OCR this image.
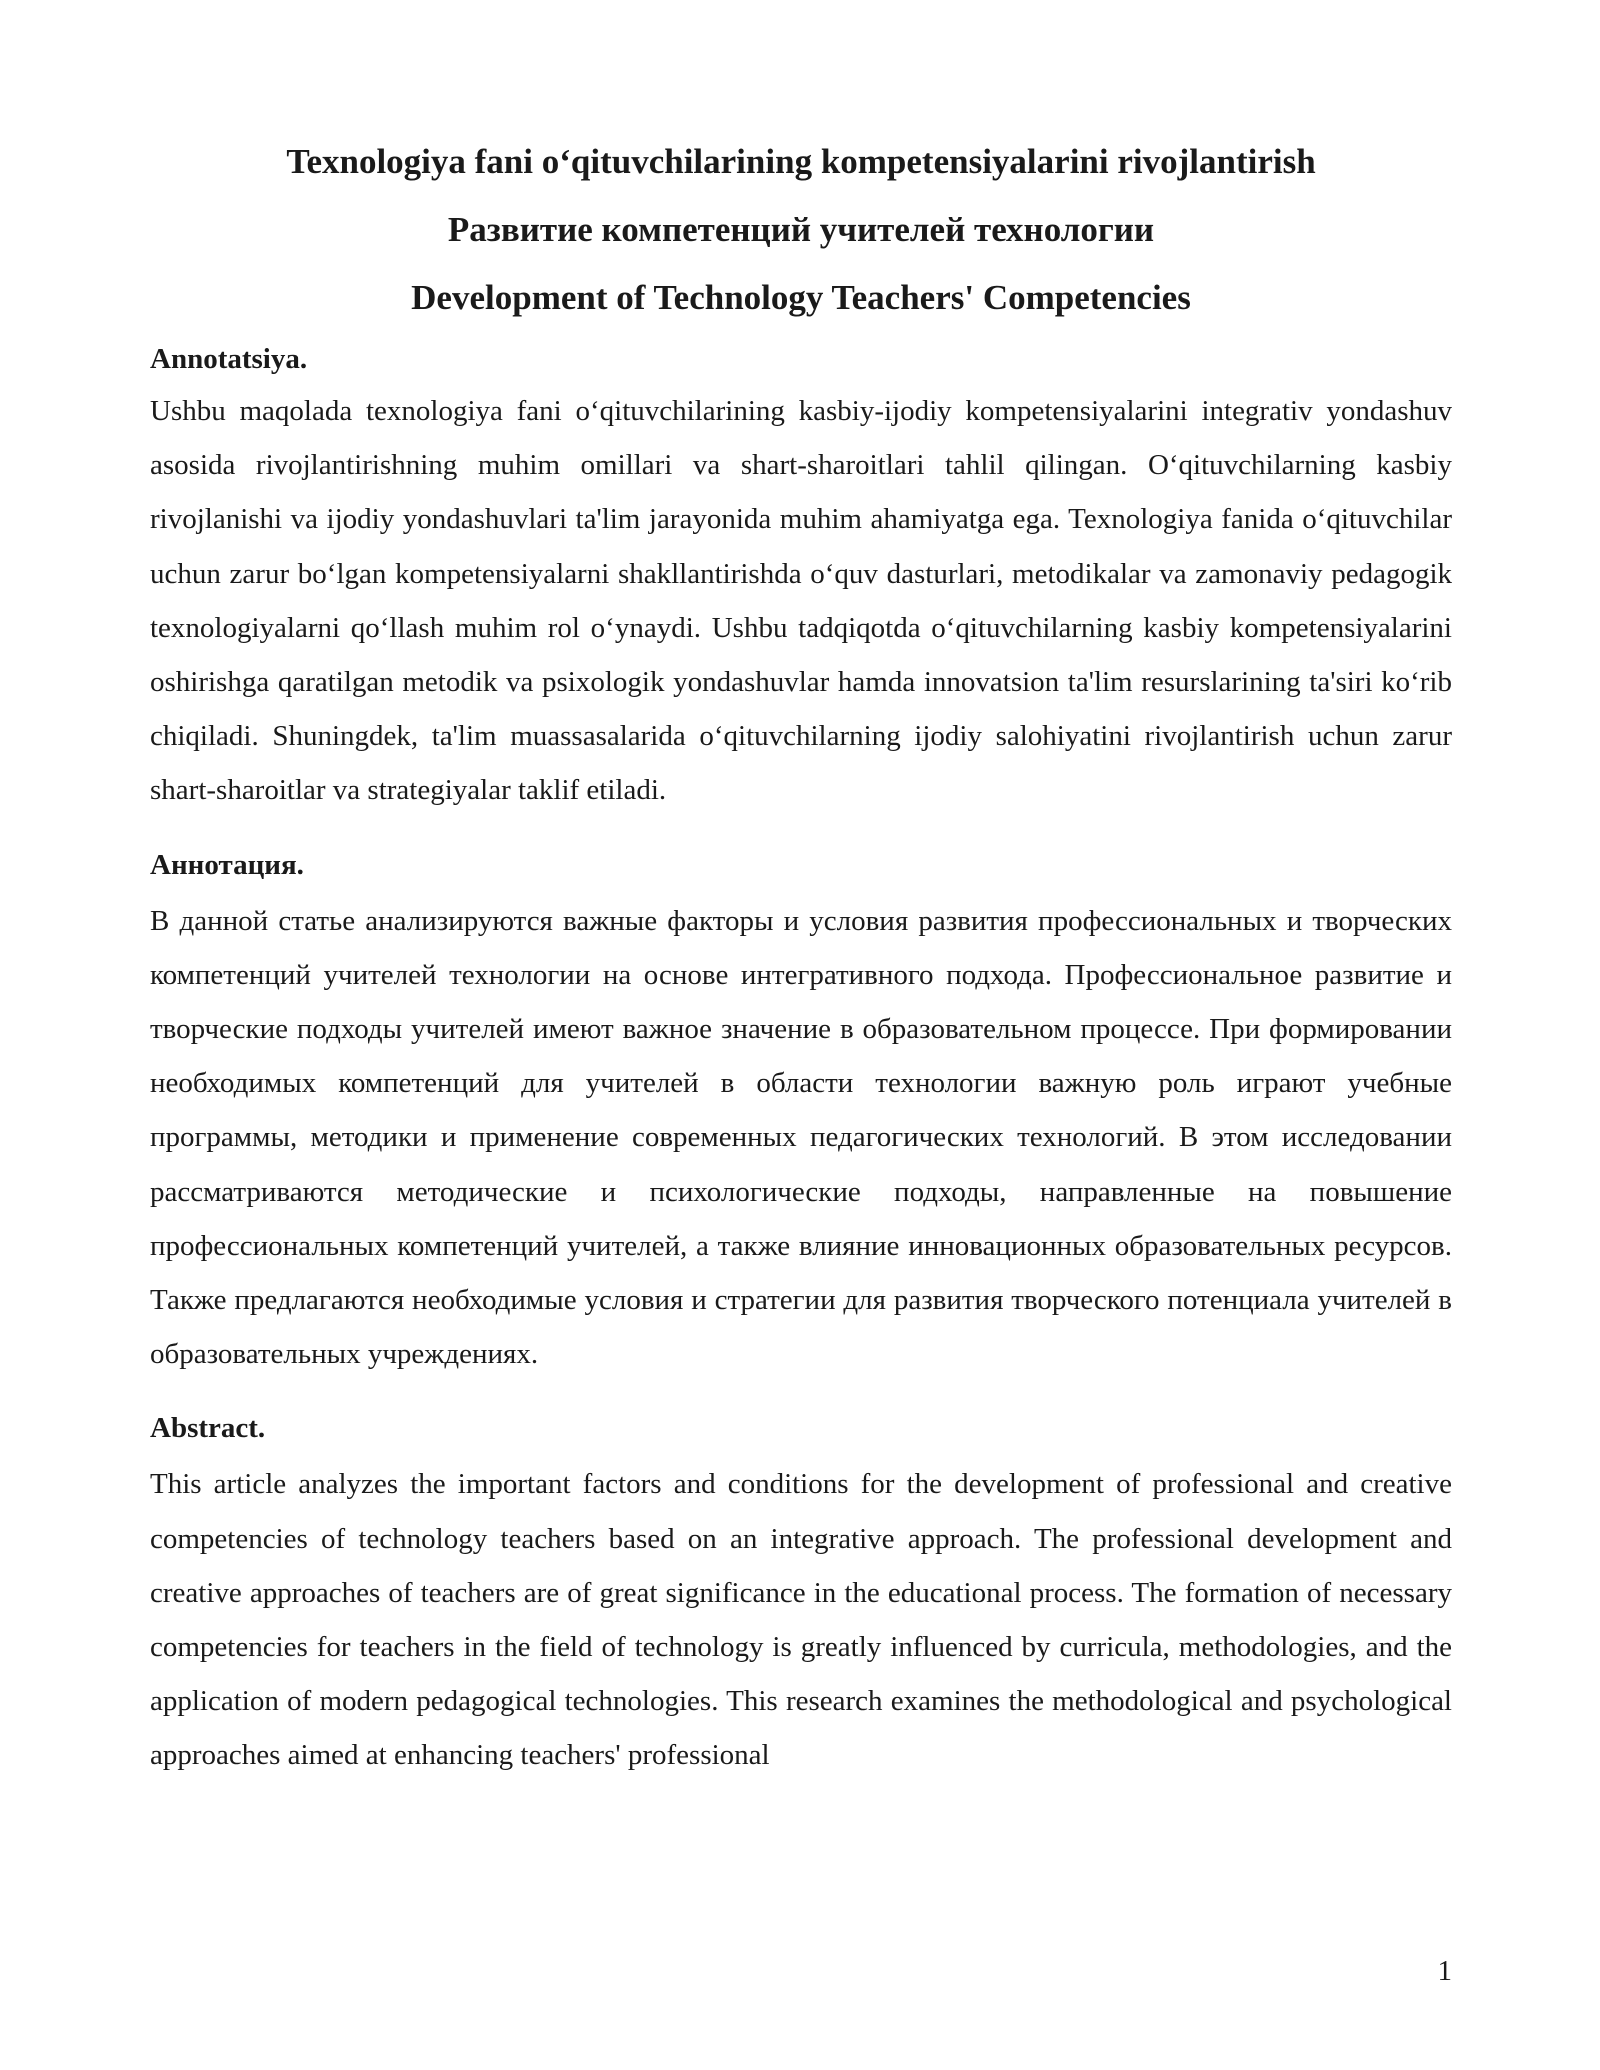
Texnologiya fani o‘qituvchilarining kompetensiyalarini rivojlantirish
Развитие компетенций учителей технологии
Development of Technology Teachers' Competencies

Annotatsiya.

Ushbu maqolada texnologiya fani o‘qituvchilarining kasbiy-ijodiy kompetensiyalarini integrativ yondashuv asosida rivojlantirishning muhim omillari va shart-sharoitlari tahlil qilingan. O‘qituvchilarning kasbiy rivojlanishi va ijodiy yondashuvlari ta'lim jarayonida muhim ahamiyatga ega. Texnologiya fanida o‘qituvchilar uchun zarur bo‘lgan kompetensiyalarni shakllantirishda o‘quv dasturlari, metodikalar va zamonaviy pedagogik texnologiyalarni qo‘llash muhim rol o‘ynaydi. Ushbu tadqiqotda o‘qituvchilarning kasbiy kompetensiyalarini oshirishga qaratilgan metodik va psixologik yondashuvlar hamda innovatsion ta'lim resurslarining ta'siri ko‘rib chiqiladi. Shuningdek, ta'lim muassasalarida o‘qituvchilarning ijodiy salohiyatini rivojlantirish uchun zarur shart-sharoitlar va strategiyalar taklif etiladi.

Аннотация.

В данной статье анализируются важные факторы и условия развития профессиональных и творческих компетенций учителей технологии на основе интегративного подхода. Профессиональное развитие и творческие подходы учителей имеют важное значение в образовательном процессе. При формировании необходимых компетенций для учителей в области технологии важную роль играют учебные программы, методики и применение современных педагогических технологий. В этом исследовании рассматриваются методические и психологические подходы, направленные на повышение профессиональных компетенций учителей, а также влияние инновационных образовательных ресурсов. Также предлагаются необходимые условия и стратегии для развития творческого потенциала учителей в образовательных учреждениях.

Abstract.

This article analyzes the important factors and conditions for the development of professional and creative competencies of technology teachers based on an integrative approach. The professional development and creative approaches of teachers are of great significance in the educational process. The formation of necessary competencies for teachers in the field of technology is greatly influenced by curricula, methodologies, and the application of modern pedagogical technologies. This research examines the methodological and psychological approaches aimed at enhancing teachers' professional

1
